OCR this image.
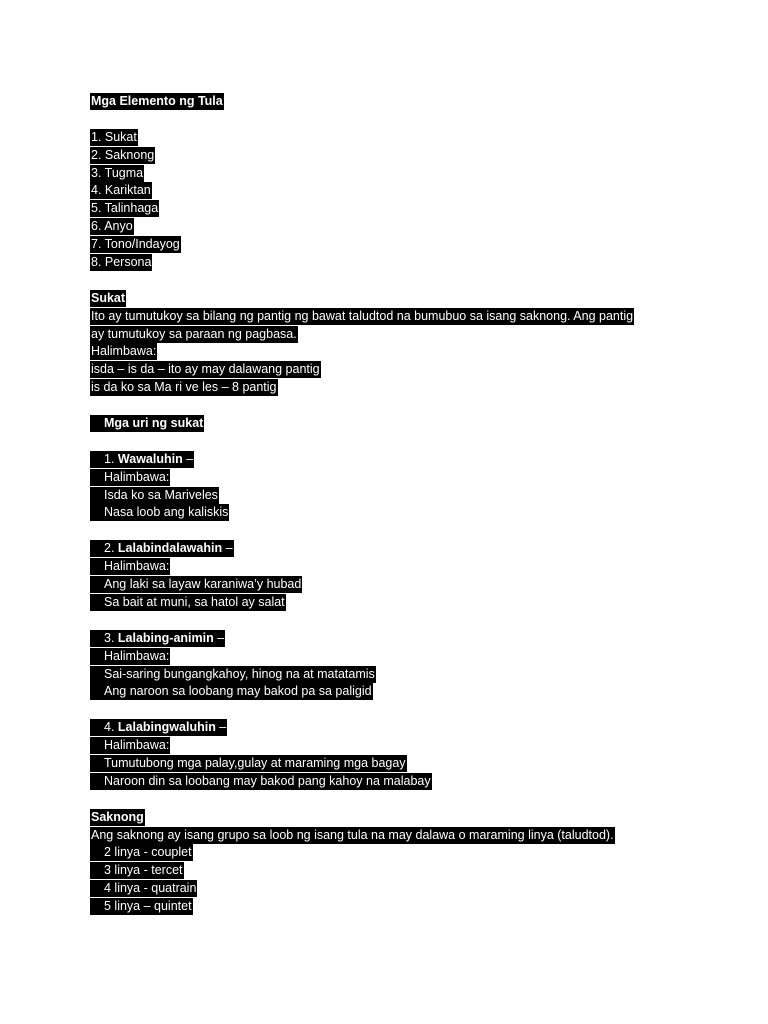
Mga Elemento ng Tula
1. Sukat
2. Saknong
3. Tugma
4. Kariktan
5. Talinhaga
6. Anyo
7. Tono/Indayog
8. Persona
Sukat
Ito ay tumutukoy sa bilang ng pantig ng bawat taludtod na bumubuo sa isang saknong. Ang pantig
ay tumutukoy sa paraan ng pagbasa.
Halimbawa:
isda – is da – ito ay may dalawang pantig
is da ko sa Ma ri ve les – 8 pantig
Mga uri ng sukat
1. Wawaluhin –
Halimbawa:
Isda ko sa Mariveles
Nasa loob ang kaliskis
2. Lalabindalawahin –
Halimbawa:
Ang laki sa layaw karaniwa’y hubad
Sa bait at muni, sa hatol ay salat
3. Lalabing-animin –
Halimbawa:
Sai-saring bungangkahoy, hinog na at matatamis
Ang naroon sa loobang may bakod pa sa paligid
4. Lalabingwaluhin –
Halimbawa:
Tumutubong mga palay,gulay at maraming mga bagay
Naroon din sa loobang may bakod pang kahoy na malabay
Saknong
Ang saknong ay isang grupo sa loob ng isang tula na may dalawa o maraming linya (taludtod).
2 linya - couplet
3 linya - tercet
4 linya - quatrain
5 linya – quintet
